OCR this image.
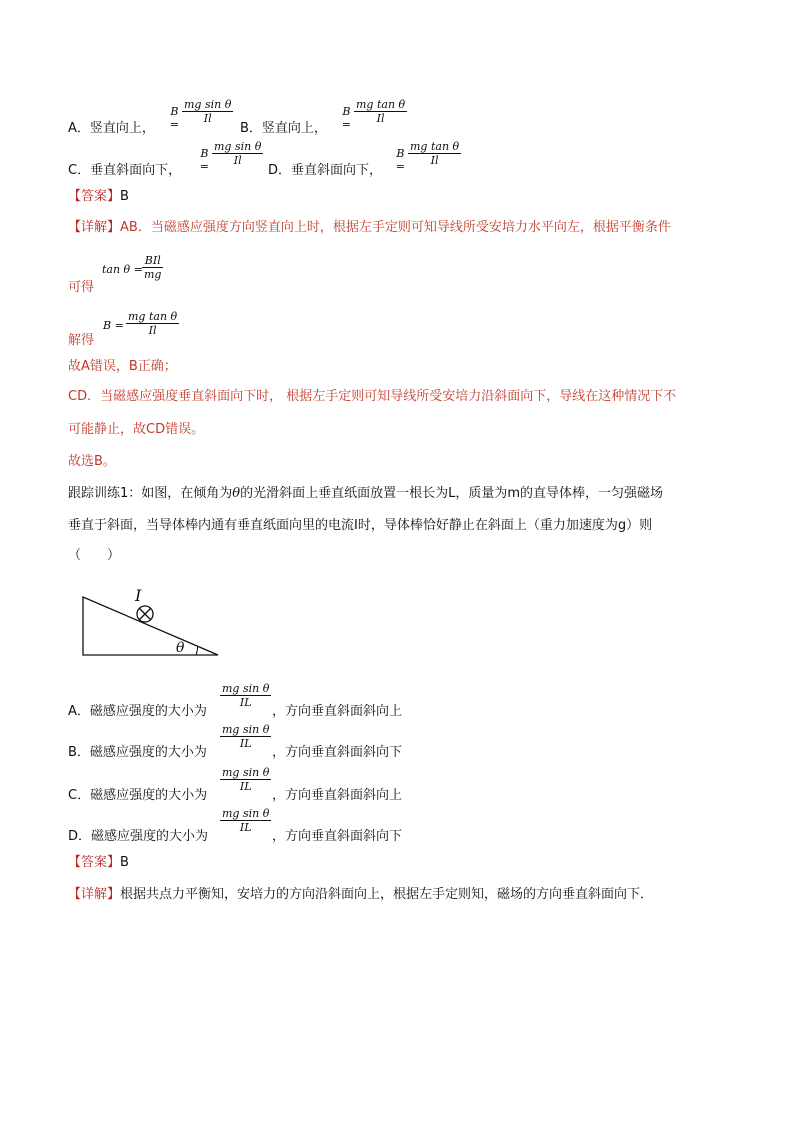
A．竖直向上，
B =
mg sin θ
Il
B．竖直向上，
B =
mg tan θ
Il
C．垂直斜面向下，
B =
mg sin θ
Il
D．垂直斜面向下，
B =
mg tan θ
Il
【答案】B
【详解】AB．当磁感应强度方向竖直向上时，根据左手定则可知导线所受安培力水平向左，根据平衡条件
可得
tan θ =
BIl
mg
解得
$B = \frac{\text{mg tan θ}}{Il}$
故A错误，B正确；
CD．当磁感应强度垂直斜面向下时， 根据左手定则可知导线所受安培力沿斜面向下，导线在这种情况下不
可能静止，故CD错误。
故选B。
跟踪训练1：如图，在倾角为θ的光滑斜面上垂直纸面放置一根长为L，质量为m的直导体棒，一匀强磁场
垂直于斜面，当导体棒内通有垂直纸面向里的电流I时，导体棒恰好静止在斜面上（重力加速度为g）则
（　　）
I
θ
A．磁感应强度的大小为
$\frac{\text{mg sin θ}}{IL}$
，方向垂直斜面斜向上
B．磁感应强度的大小为
$\frac{\text{mg sin θ}}{IL}$
，方向垂直斜面斜向下
C．磁感应强度的大小为
$\frac{\text{mg sin θ}}{IL}$
，方向垂直斜面斜向上
D．磁感应强度的大小为
$\frac{\text{mg sin θ}}{IL}$
，方向垂直斜面斜向下
【答案】B
【详解】根据共点力平衡知，安培力的方向沿斜面向上，根据左手定则知，磁场的方向垂直斜面向下．
